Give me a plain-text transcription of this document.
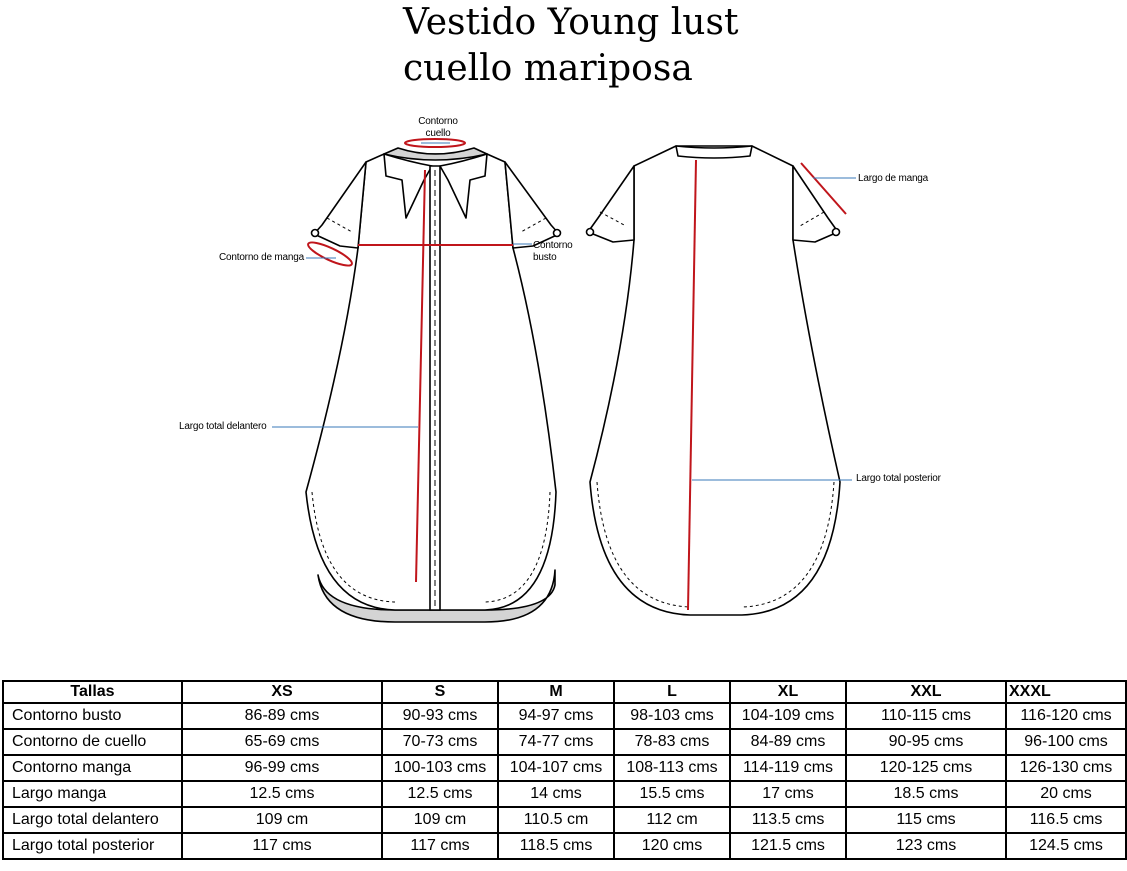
Vestido Young lust
cuello mariposa
Contorno cuello
Contorno de manga
Contorno busto
Largo total delantero
Largo de manga
Largo total posterior
Tallas	XS	S	M	L	XL	XXL	XXXL
Contorno busto	86-89 cms	90-93 cms	94-97 cms	98-103 cms	104-109 cms	110-115 cms	116-120 cms
Contorno de cuello	65-69 cms	70-73 cms	74-77 cms	78-83 cms	84-89 cms	90-95 cms	96-100 cms
Contorno manga	96-99 cms	100-103 cms	104-107 cms	108-113 cms	114-119 cms	120-125 cms	126-130 cms
Largo manga	12.5 cms	12.5 cms	14 cms	15.5 cms	17 cms	18.5 cms	20 cms
Largo total delantero	109 cm	109 cm	110.5 cm	112 cm	113.5 cms	115 cms	116.5 cms
Largo total posterior	117 cms	117 cms	118.5 cms	120 cms	121.5 cms	123 cms	124.5 cms
